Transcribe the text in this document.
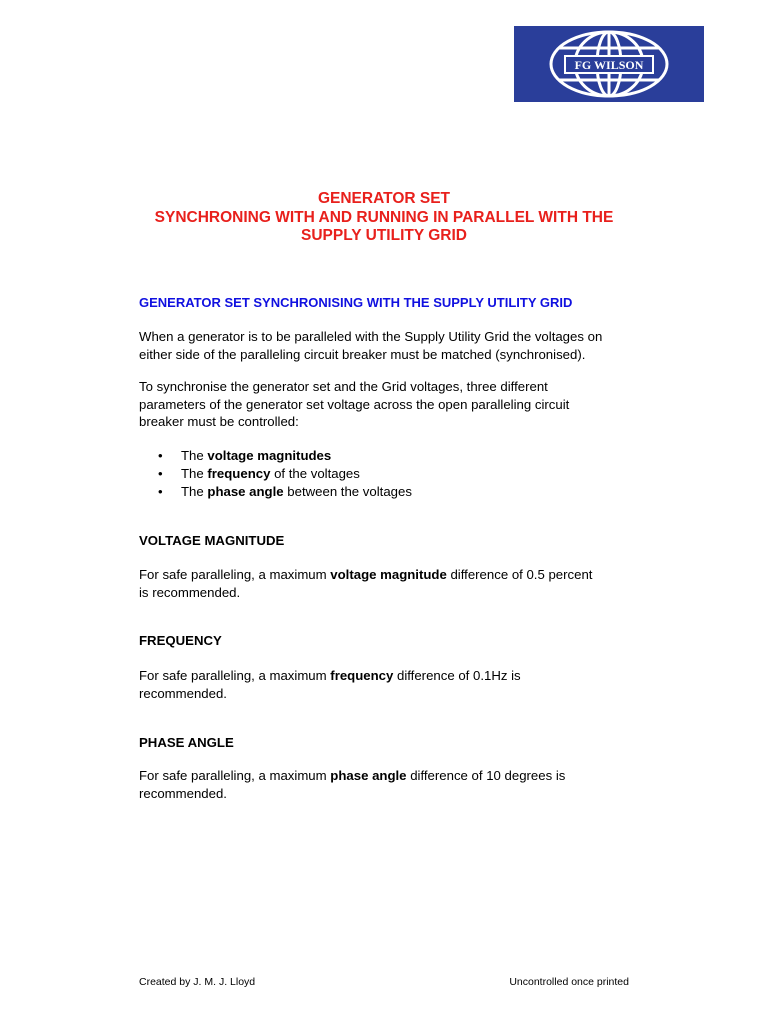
FG WILSON
GENERATOR SET
SYNCHRONING WITH AND RUNNING IN PARALLEL WITH THE
SUPPLY UTILITY GRID
GENERATOR SET SYNCHRONISING WITH THE SUPPLY UTILITY GRID
When a generator is to be paralleled with the Supply Utility Grid the voltages on
either side of the paralleling circuit breaker must be matched (synchronised).
To synchronise the generator set and the Grid voltages, three different
parameters of the generator set voltage across the open paralleling circuit
breaker must be controlled:
• The voltage magnitudes
• The frequency of the voltages
• The phase angle between the voltages
VOLTAGE MAGNITUDE
For safe paralleling, a maximum voltage magnitude difference of 0.5 percent
is recommended.
FREQUENCY
For safe paralleling, a maximum frequency difference of 0.1Hz is
recommended.
PHASE ANGLE
For safe paralleling, a maximum phase angle difference of 10 degrees is
recommended.
Created by J. M. J. Lloyd	Uncontrolled once printed
